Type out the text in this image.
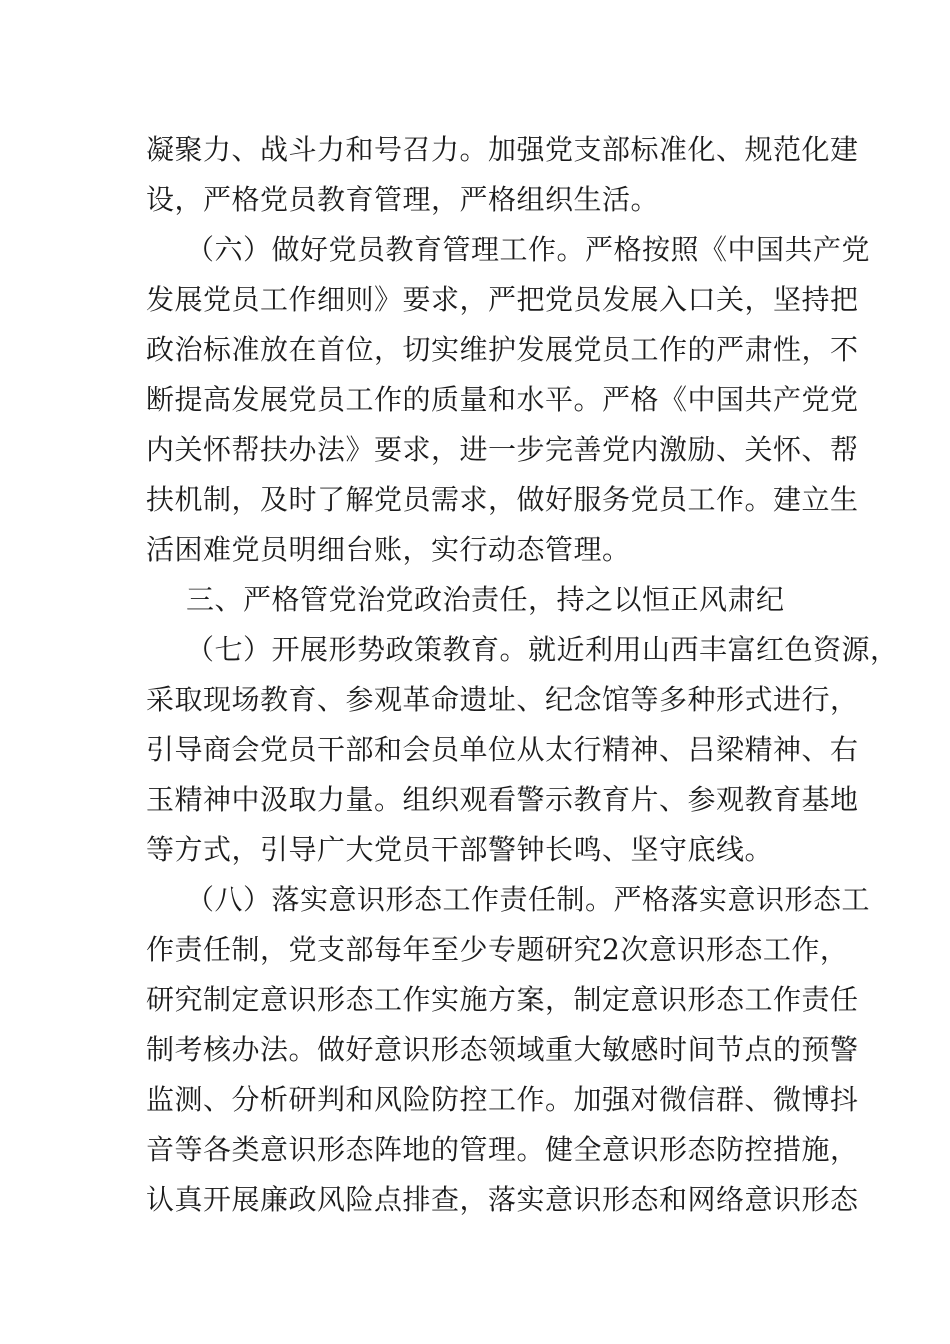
凝聚力、战斗力和号召力。加强党支部标准化、规范化建

设，严格党员教育管理，严格组织生活。

（六）做好党员教育管理工作。严格按照《中国共产党

发展党员工作细则》要求，严把党员发展入口关，坚持把

政治标准放在首位，切实维护发展党员工作的严肃性，不

断提高发展党员工作的质量和水平。严格《中国共产党党

内关怀帮扶办法》要求，进一步完善党内激励、关怀、帮

扶机制，及时了解党员需求，做好服务党员工作。建立生

活困难党员明细台账，实行动态管理。

三、严格管党治党政治责任，持之以恒正风肃纪

（七）开展形势政策教育。就近利用山西丰富红色资源，

采取现场教育、参观革命遗址、纪念馆等多种形式进行，

引导商会党员干部和会员单位从太行精神、吕梁精神、右

玉精神中汲取力量。组织观看警示教育片、参观教育基地

等方式，引导广大党员干部警钟长鸣、坚守底线。

（八）落实意识形态工作责任制。严格落实意识形态工

作责任制，党支部每年至少专题研究2次意识形态工作，

研究制定意识形态工作实施方案，制定意识形态工作责任

制考核办法。做好意识形态领域重大敏感时间节点的预警

监测、分析研判和风险防控工作。加强对微信群、微博抖

音等各类意识形态阵地的管理。健全意识形态防控措施，

认真开展廉政风险点排查，落实意识形态和网络意识形态
